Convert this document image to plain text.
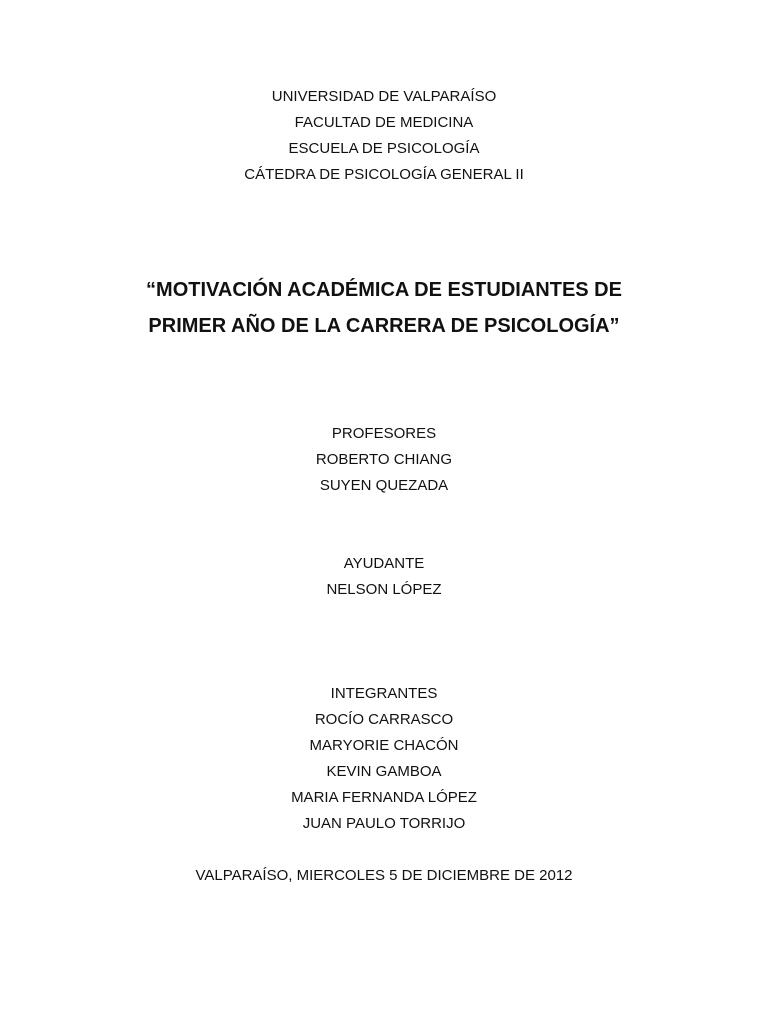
UNIVERSIDAD DE VALPARAÍSO
FACULTAD DE MEDICINA
ESCUELA DE PSICOLOGÍA
CÁTEDRA DE PSICOLOGÍA GENERAL II
“MOTIVACIÓN ACADÉMICA DE ESTUDIANTES DE
PRIMER AÑO DE LA CARRERA DE PSICOLOGÍA”
PROFESORES
ROBERTO CHIANG
SUYEN QUEZADA
AYUDANTE
NELSON LÓPEZ
INTEGRANTES
ROCÍO CARRASCO
MARYORIE CHACÓN
KEVIN GAMBOA
MARIA FERNANDA LÓPEZ
JUAN PAULO TORRIJO
VALPARAÍSO, MIERCOLES 5 DE DICIEMBRE DE 2012
